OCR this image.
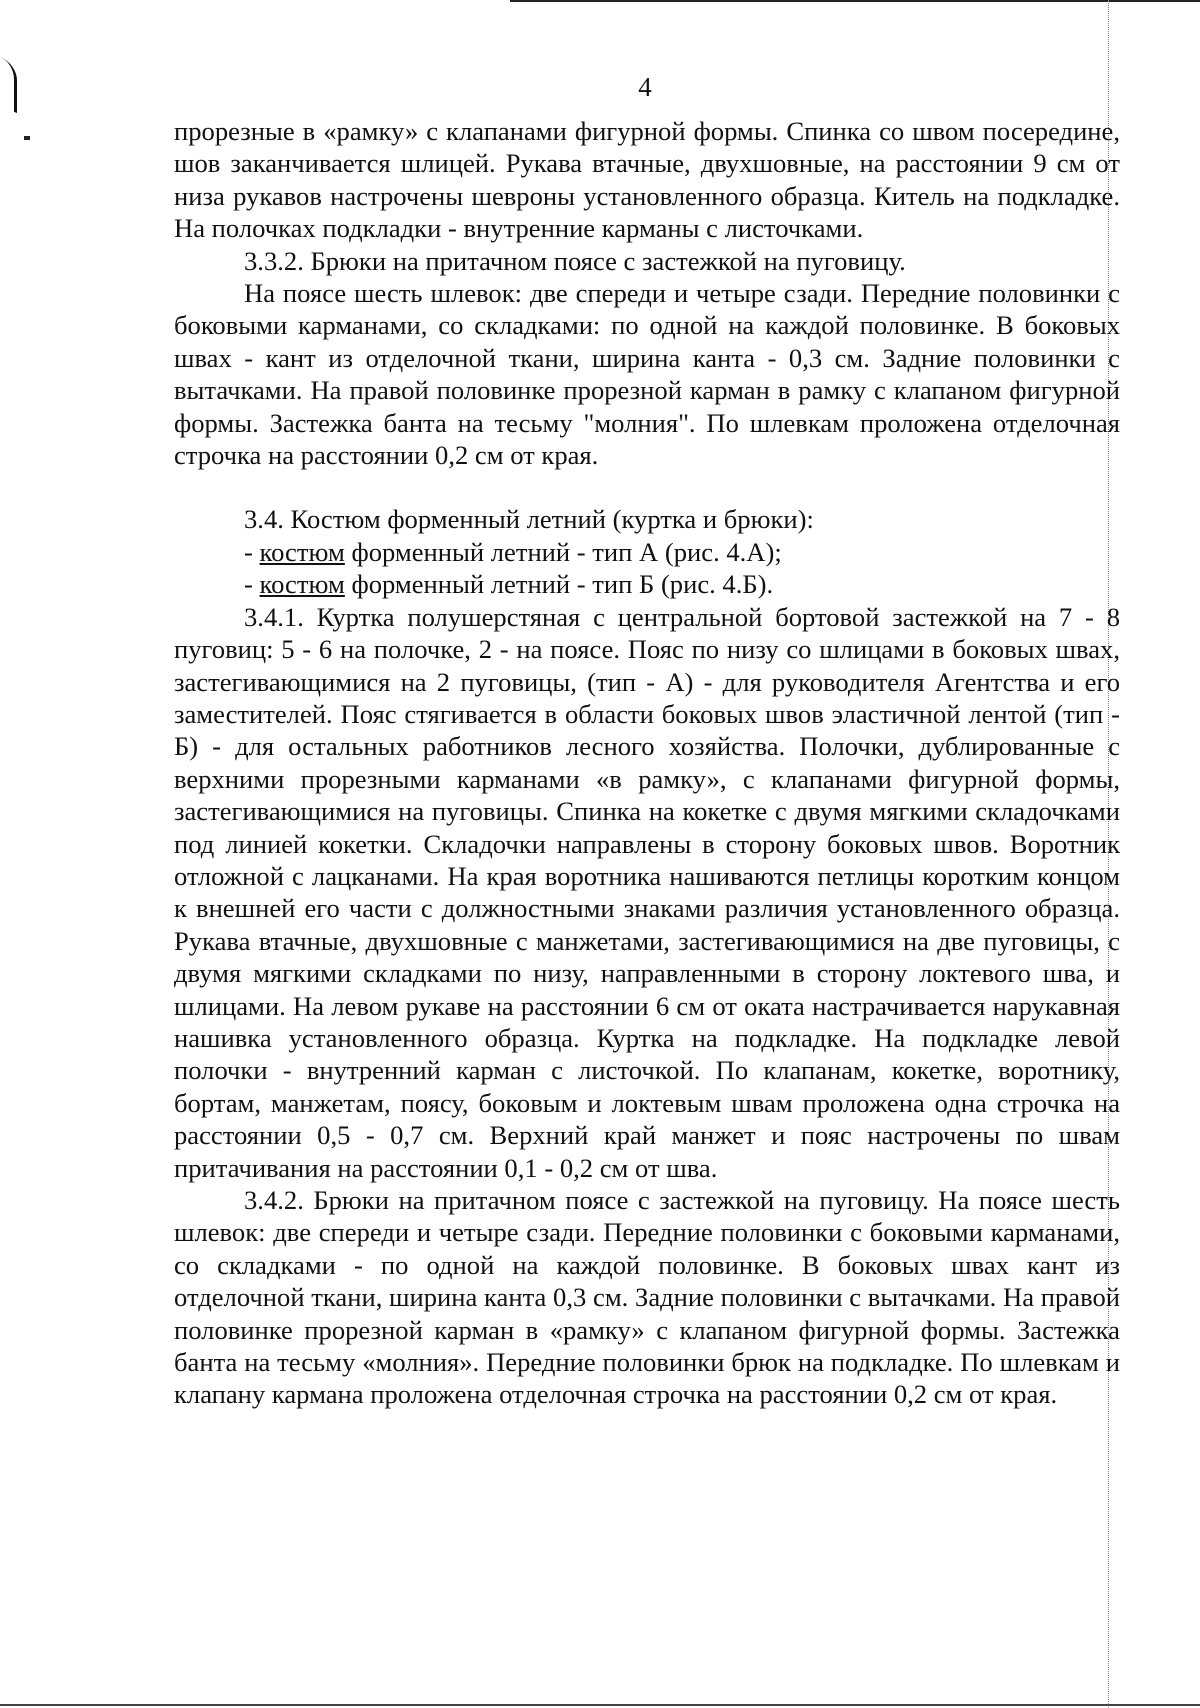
4

прорезные в «рамку» с клапанами фигурной формы. Спинка со швом посередине, шов заканчивается шлицей. Рукава втачные, двухшовные, на расстоянии 9 см от низа рукавов настрочены шевроны установленного образца. Китель на подкладке. На полочках подкладки - внутренние карманы с листочками.

3.3.2. Брюки на притачном поясе с застежкой на пуговицу.

На поясе шесть шлевок: две спереди и четыре сзади. Передние половинки с боковыми карманами, со складками: по одной на каждой половинке. В боковых швах - кант из отделочной ткани, ширина канта - 0,3 см. Задние половинки с вытачками. На правой половинке прорезной карман в рамку с клапаном фигурной формы. Застежка банта на тесьму "молния". По шлевкам проложена отделочная строчка на расстоянии 0,2 см от края.

3.4. Костюм форменный летний (куртка и брюки):

- костюм форменный летний - тип А (рис. 4.А);

- костюм форменный летний - тип Б (рис. 4.Б).

3.4.1. Куртка полушерстяная с центральной бортовой застежкой на 7 - 8 пуговиц: 5 - 6 на полочке, 2 - на поясе. Пояс по низу со шлицами в боковых швах, застегивающимися на 2 пуговицы, (тип - А) - для руководителя Агентства и его заместителей. Пояс стягивается в области боковых швов эластичной лентой (тип - Б) - для остальных работников лесного хозяйства. Полочки, дублированные с верхними прорезными карманами «в рамку», с клапанами фигурной формы, застегивающимися на пуговицы. Спинка на кокетке с двумя мягкими складочками под линией кокетки. Складочки направлены в сторону боковых швов. Воротник отложной с лацканами. На края воротника нашиваются петлицы коротким концом к внешней его части с должностными знаками различия установленного образца. Рукава втачные, двухшовные с манжетами, застегивающимися на две пуговицы, с двумя мягкими складками по низу, направленными в сторону локтевого шва, и шлицами. На левом рукаве на расстоянии 6 см от оката настрачивается нарукавная нашивка установленного образца. Куртка на подкладке. На подкладке левой полочки - внутренний карман с листочкой. По клапанам, кокетке, воротнику, бортам, манжетам, поясу, боковым и локтевым швам проложена одна строчка на расстоянии 0,5 - 0,7 см. Верхний край манжет и пояс настрочены по швам притачивания на расстоянии 0,1 - 0,2 см от шва.

3.4.2. Брюки на притачном поясе с застежкой на пуговицу. На поясе шесть шлевок: две спереди и четыре сзади. Передние половинки с боковыми карманами, со складками - по одной на каждой половинке. В боковых швах кант из отделочной ткани, ширина канта 0,3 см. Задние половинки с вытачками. На правой половинке прорезной карман в «рамку» с клапаном фигурной формы. Застежка банта на тесьму «молния». Передние половинки брюк на подкладке. По шлевкам и клапану кармана проложена отделочная строчка на расстоянии 0,2 см от края.
